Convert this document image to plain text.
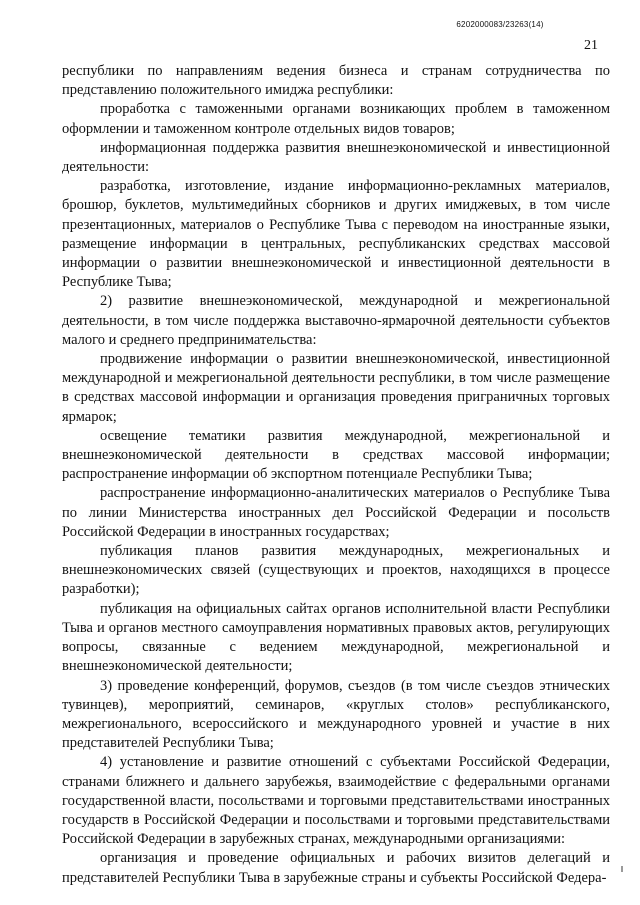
6202000083/23263(14)
21

республики по направлениям ведения бизнеса и странам сотрудничества по представлению положительного имиджа республики:

проработка с таможенными органами возникающих проблем в таможенном оформлении и таможенном контроле отдельных видов товаров;

информационная поддержка развития внешнеэкономической и инвестиционной деятельности:

разработка, изготовление, издание информационно-рекламных материалов, брошюр, буклетов, мультимедийных сборников и других имиджевых, в том числе презентационных, материалов о Республике Тыва с переводом на иностранные языки, размещение информации в центральных, республиканских средствах массовой информации о развитии внешнеэкономической и инвестиционной деятельности в Республике Тыва;

2) развитие внешнеэкономической, международной и межрегиональной деятельности, в том числе поддержка выставочно-ярмарочной деятельности субъектов малого и среднего предпринимательства:

продвижение информации о развитии внешнеэкономической, инвестиционной международной и межрегиональной деятельности республики, в том числе размещение в средствах массовой информации и организация проведения приграничных торговых ярмарок;

освещение тематики развития международной, межрегиональной и внешнеэкономической деятельности в средствах массовой информации; распространение информации об экспортном потенциале Республики Тыва;

распространение информационно-аналитических материалов о Республике Тыва по линии Министерства иностранных дел Российской Федерации и посольств Российской Федерации в иностранных государствах;

публикация планов развития международных, межрегиональных и внешнеэкономических связей (существующих и проектов, находящихся в процессе разработки);

публикация на официальных сайтах органов исполнительной власти Республики Тыва и органов местного самоуправления нормативных правовых актов, регулирующих вопросы, связанные с ведением международной, межрегиональной и внешнеэкономической деятельности;

3) проведение конференций, форумов, съездов (в том числе съездов этнических тувинцев), мероприятий, семинаров, «круглых столов» республиканского, межрегионального, всероссийского и международного уровней и участие в них представителей Республики Тыва;

4) установление и развитие отношений с субъектами Российской Федерации, странами ближнего и дальнего зарубежья, взаимодействие с федеральными органами государственной власти, посольствами и торговыми представительствами иностранных государств в Российской Федерации и посольствами и торговыми представительствами Российской Федерации в зарубежных странах, международными организациями:

организация и проведение официальных и рабочих визитов делегаций и представителей Республики Тыва в зарубежные страны и субъекты Российской Федера-
